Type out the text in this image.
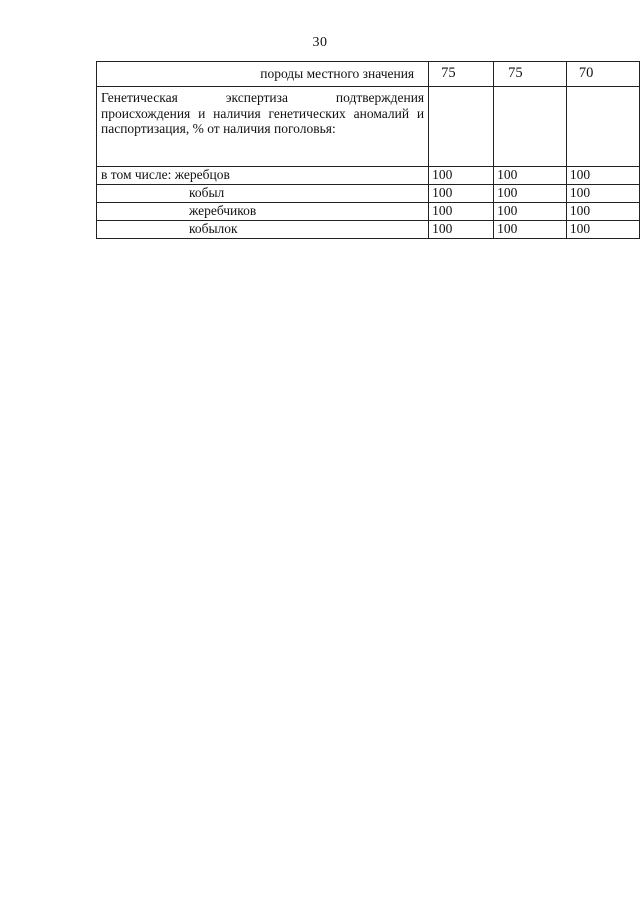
30
породы местного значения	75	75	70
Генетическая экспертиза подтверждения происхождения и наличия генетических аномалий и паспортизация, % от наличия поголовья:			
в том числе: жеребцов	100	100	100
кобыл	100	100	100
жеребчиков	100	100	100
кобылок	100	100	100
